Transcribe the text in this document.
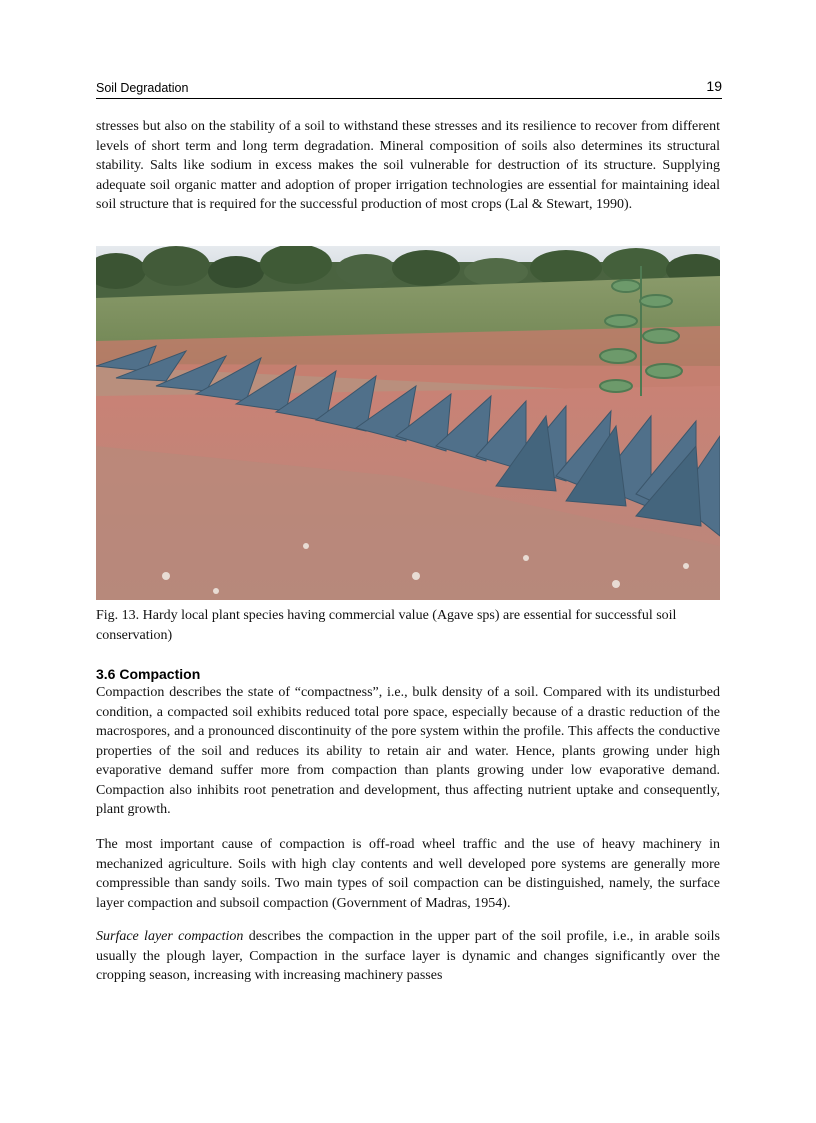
Soil Degradation	19

stresses but also on the stability of a soil to withstand these stresses and its resilience to recover from different levels of short term and long term degradation. Mineral composition of soils also determines its structural stability. Salts like sodium in excess makes the soil vulnerable for destruction of its structure. Supplying adequate soil organic matter and adoption of proper irrigation technologies are essential for maintaining ideal soil structure that is required for the successful production of most crops (Lal & Stewart, 1990).

Fig. 13. Hardy local plant species having commercial value (Agave sps) are essential for successful soil conservation)

3.6 Compaction

Compaction describes the state of “compactness”, i.e., bulk density of a soil. Compared with its undisturbed condition, a compacted soil exhibits reduced total pore space, especially because of a drastic reduction of the macrospores, and a pronounced discontinuity of the pore system within the profile. This affects the conductive properties of the soil and reduces its ability to retain air and water. Hence, plants growing under high evaporative demand suffer more from compaction than plants growing under low evaporative demand. Compaction also inhibits root penetration and development, thus affecting nutrient uptake and consequently, plant growth.

The most important cause of compaction is off-road wheel traffic and the use of heavy machinery in mechanized agriculture. Soils with high clay contents and well developed pore systems are generally more compressible than sandy soils. Two main types of soil compaction can be distinguished, namely, the surface layer compaction and subsoil compaction (Government of Madras, 1954).

Surface layer compaction describes the compaction in the upper part of the soil profile, i.e., in arable soils usually the plough layer, Compaction in the surface layer is dynamic and changes significantly over the cropping season, increasing with increasing machinery passes
